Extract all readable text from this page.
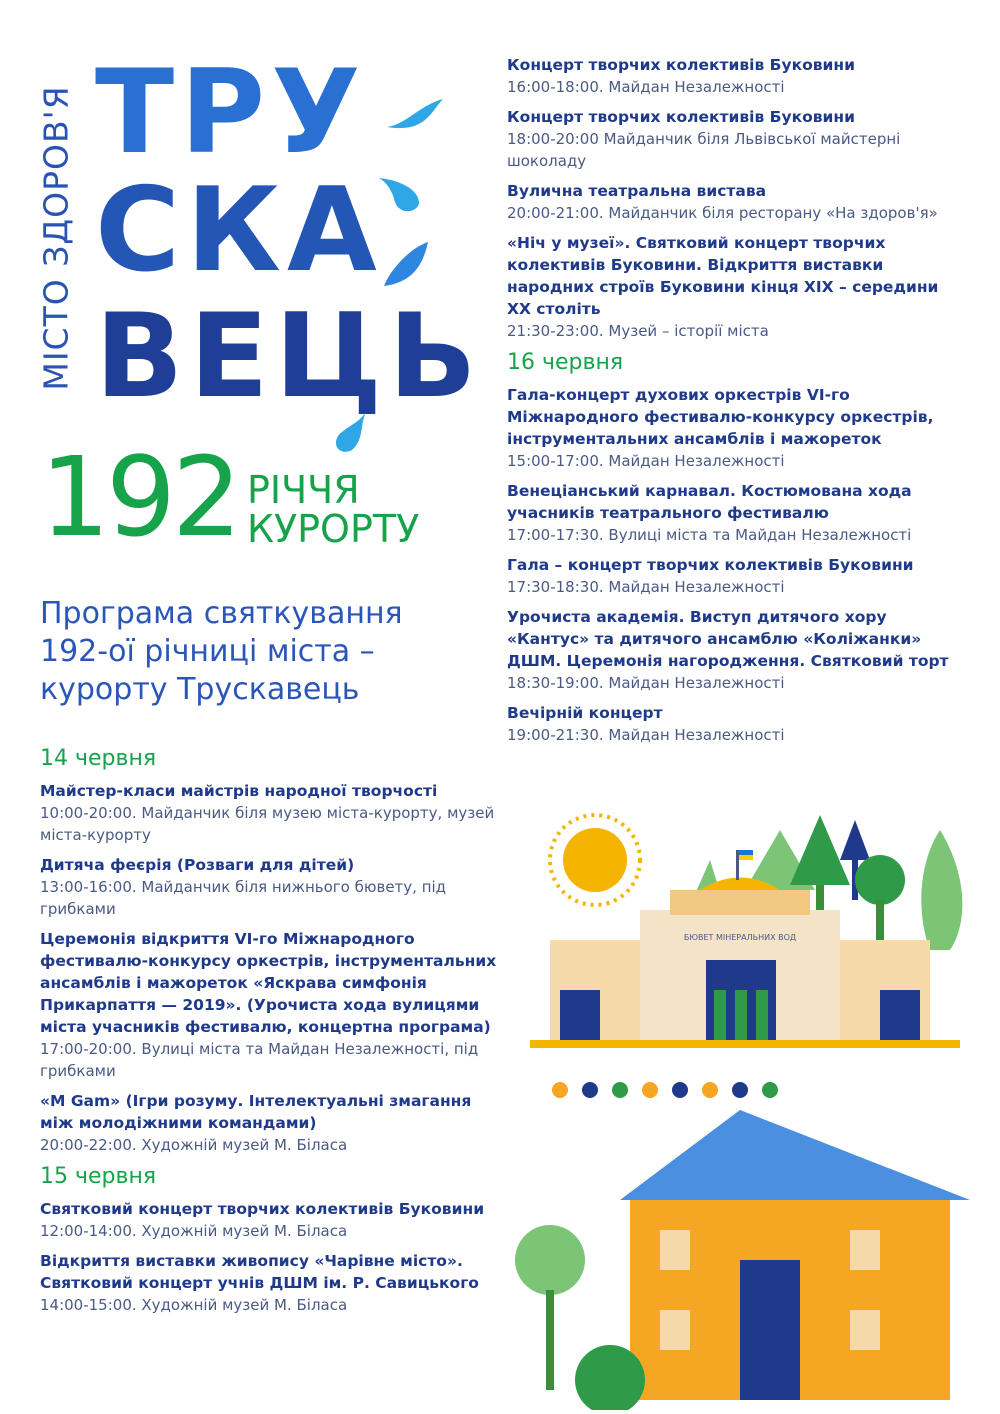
МІСТО ЗДОРОВ'Я ТРУ
СКА
ВЕЦЬ
192 РІЧЧЯ
КУРОРТУ
Програма святкування 192-ої річниці міста – курорту Трускавець
14 червня
Майстер-класи майстрів народної творчості
10:00-20:00. Майданчик біля музею міста-курорту, музей міста-курорту
Дитяча феєрія (Розваги для дітей)
13:00-16:00. Майданчик біля нижнього бювету, під грибками
Церемонія відкриття VI-го Міжнародного фестивалю-конкурсу оркестрів, інструментальних ансамблів і мажореток «Яскрава симфонія Прикарпаття — 2019». (Урочиста хода вулицями міста учасників фестивалю, концертна програма)
17:00-20:00. Вулиці міста та Майдан Незалежності, під грибками
«M Gam» (Ігри розуму. Інтелектуальні змагання між молодіжними командами)
20:00-22:00. Художній музей М. Біласа
15 червня
Святковий концерт творчих колективів Буковини
12:00-14:00. Художній музей М. Біласа
Відкриття виставки живопису «Чарівне місто». Святковий концерт учнів ДШМ ім. Р. Савицького
14:00-15:00. Художній музей М. Біласа
Концерт творчих колективів Буковини
16:00-18:00. Майдан Незалежності
Концерт творчих колективів Буковини
18:00-20:00 Майданчик біля Львівської майстерні шоколаду
Вулична театральна вистава
20:00-21:00. Майданчик біля ресторану «На здоров'я»
«Ніч у музеї». Святковий концерт творчих колективів Буковини. Відкриття виставки народних строїв Буковини кінця XIX – середини XX століть
21:30-23:00. Музей – історії міста
16 червня
Гала-концерт духових оркестрів VI-го Міжнародного фестивалю-конкурсу оркестрів, інструментальних ансамблів і мажореток
15:00-17:00. Майдан Незалежності
Венеціанський карнавал. Костюмована хода учасників театрального фестивалю
17:00-17:30. Вулиці міста та Майдан Незалежності
Гала – концерт творчих колективів Буковини
17:30-18:30. Майдан Незалежності
Урочиста академія. Виступ дитячого хору «Кантус» та дитячого ансамблю «Коліжанки» ДШМ. Церемонія нагородження. Святковий торт
18:30-19:00. Майдан Незалежності
Вечірній концерт
19:00-21:30. Майдан Незалежності
БЮВЕТ МІНЕРАЛЬНИХ ВОД
